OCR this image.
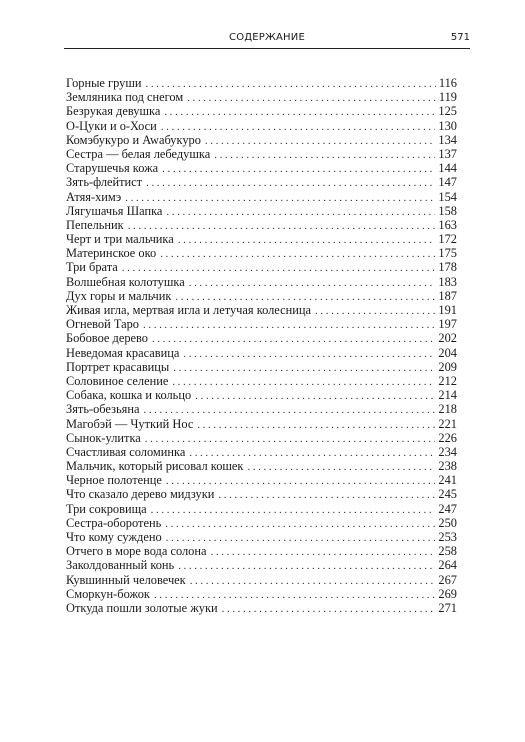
СОДЕРЖАНИЕ	571
Горные груши .....	116
Земляника под снегом .....	119
Безрукая девушка .....	125
О-Цуки и о-Хоси .....	130
Комэбукуро и Awабукуро .....	134
Сестра — белая лебедушка .....	137
Старушечья кожа .....	144
Зять-флейтист .....	147
Атяя-химэ .....	154
Лягушачья Шапка .....	158
Пепельник .....	163
Черт и три мальчика .....	172
Материнское око .....	175
Три брата .....	178
Волшебная колотушка .....	183
Дух горы и мальчик .....	187
Живая игла, мертвая игла и летучая колесница .....	191
Огневой Таро .....	197
Бобовое дерево .....	202
Неведомая красавица .....	204
Портрет красавицы .....	209
Соловиное селение .....	212
Собака, кошка и кольцо .....	214
Зять-обезьяна .....	218
Магобэй — Чуткий Нос .....	221
Сынок-улитка .....	226
Счастливая соломинка .....	234
Мальчик, который рисовал кошек .....	238
Черное полотенце .....	241
Что сказало дерево мидзуки .....	245
Три сокровища .....	247
Сестра-оборотень .....	250
Что кому суждено .....	253
Отчего в море вода солона .....	258
Заколдованный конь .....	264
Кувшинный человечек .....	267
Сморкун-божок .....	269
Откуда пошли золотые жуки .....	271
